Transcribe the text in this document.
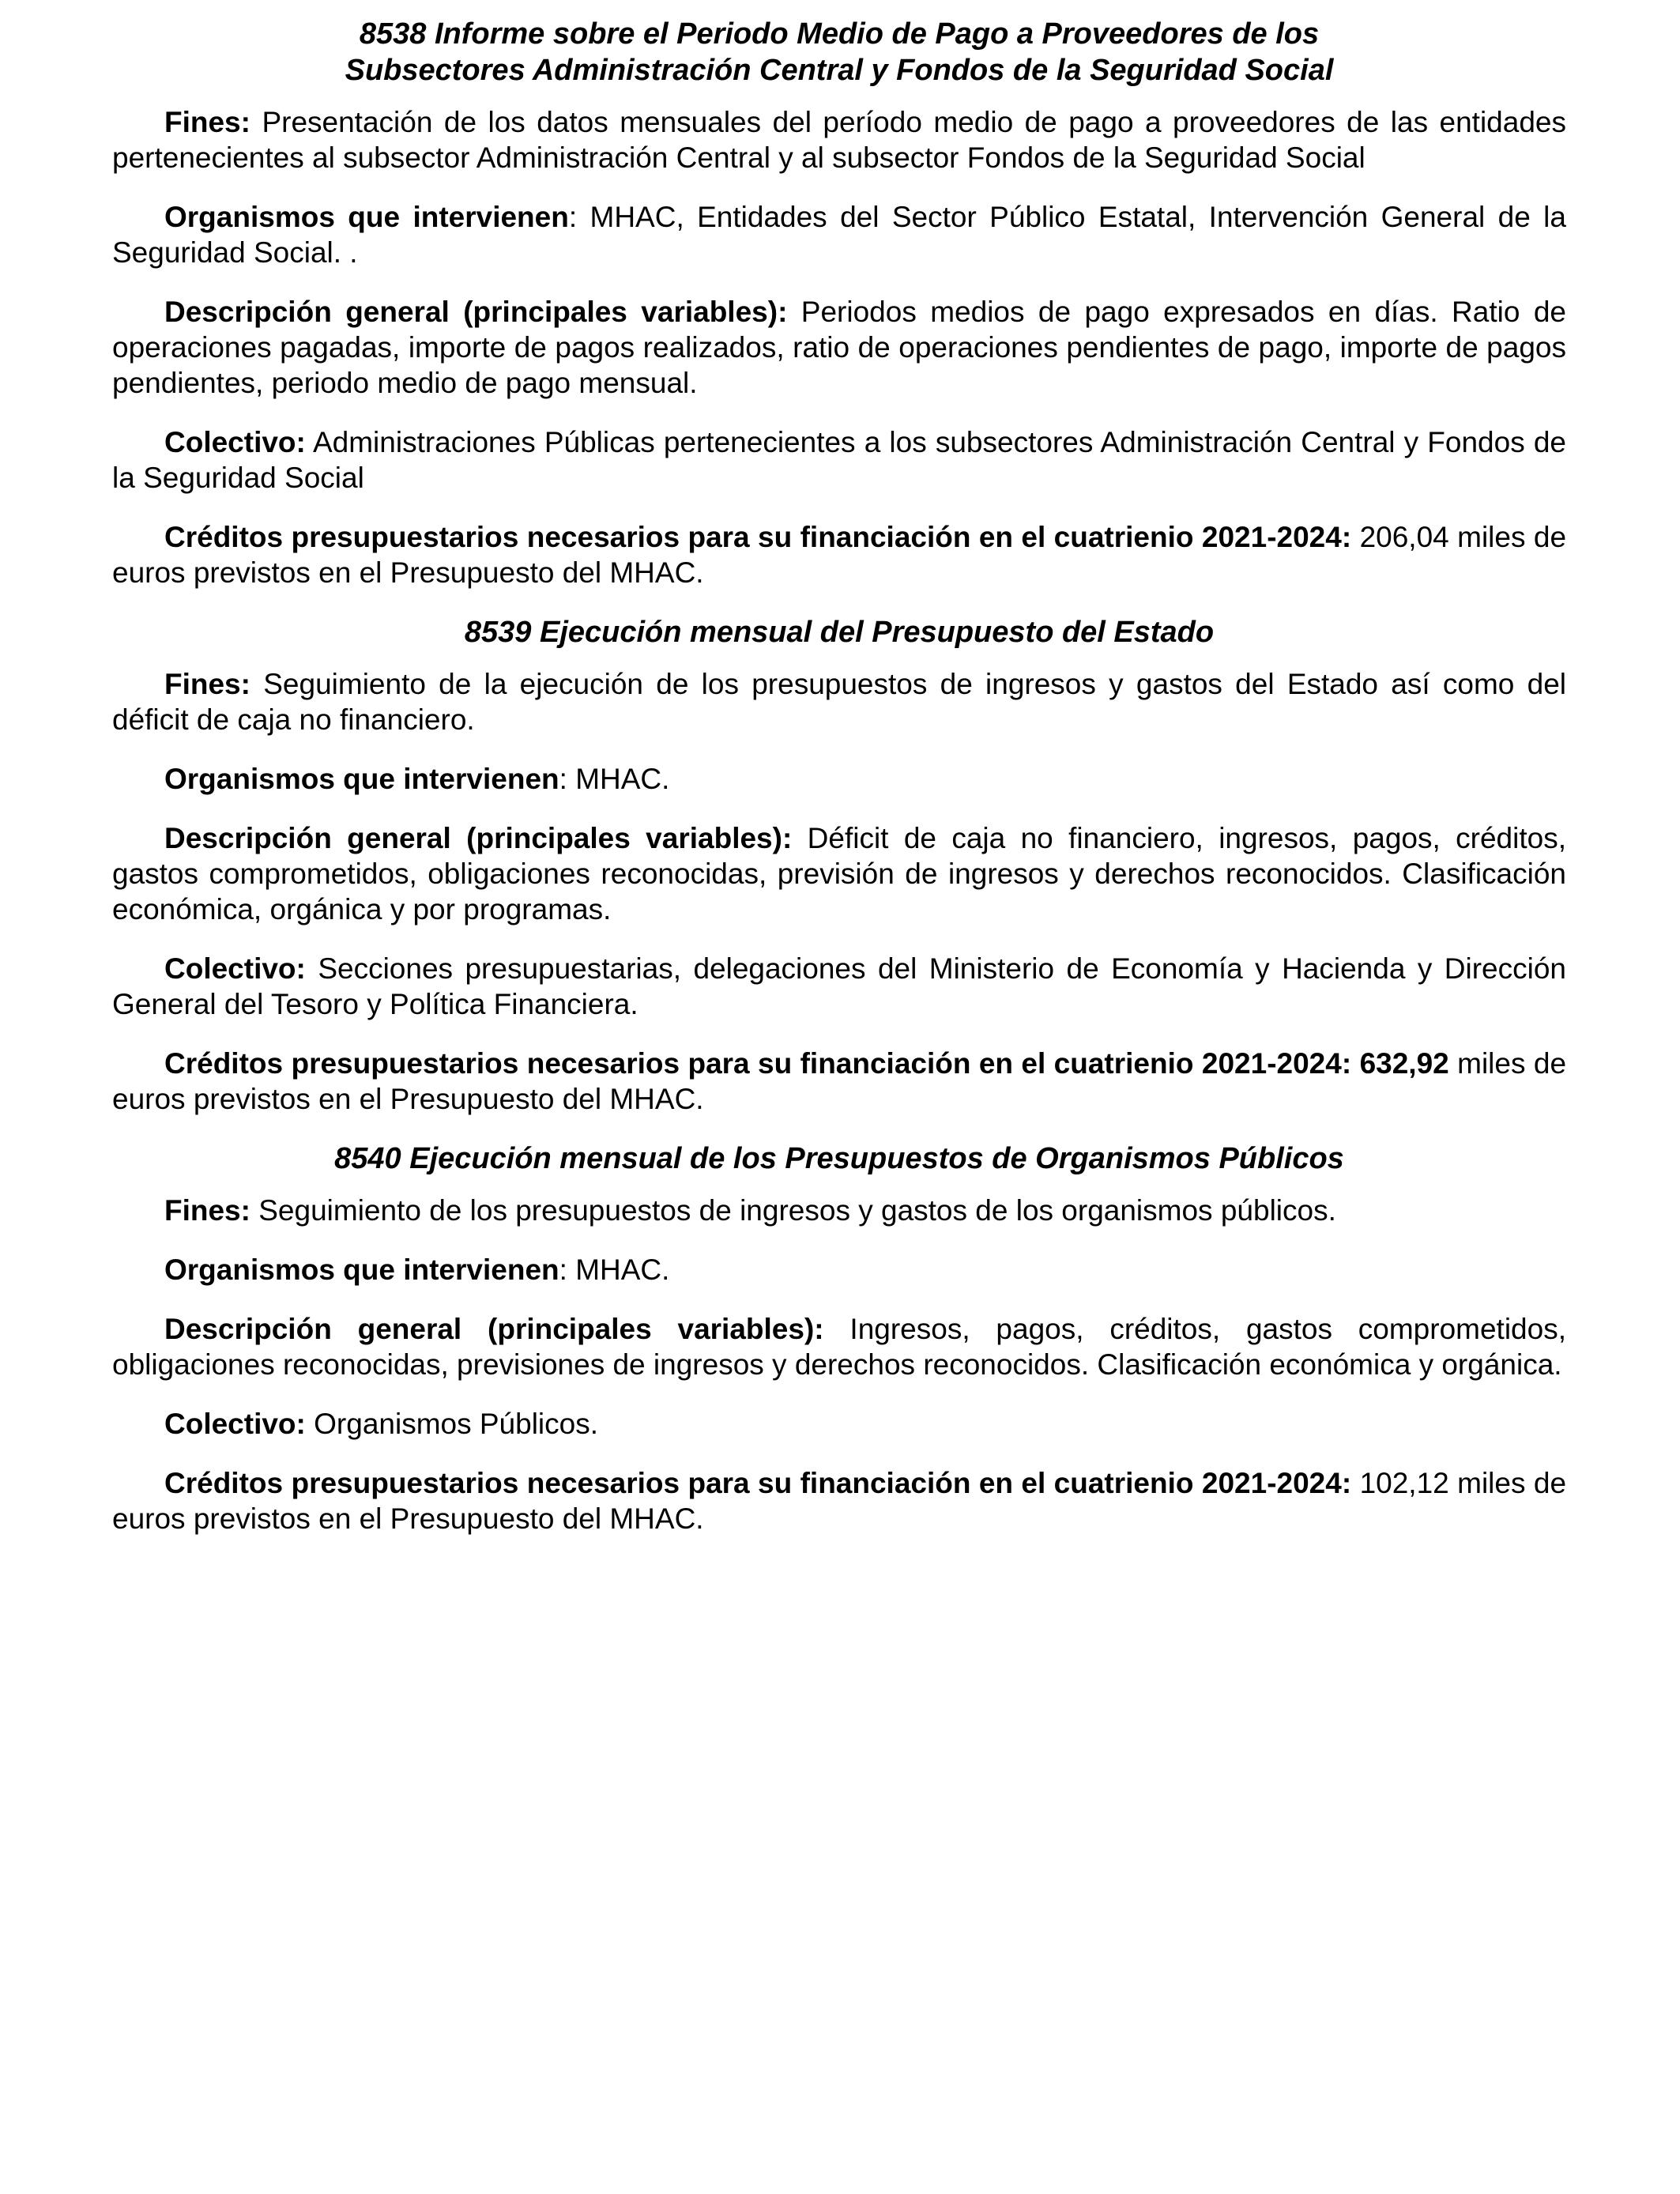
8538 Informe sobre el Periodo Medio de Pago a Proveedores de los
Subsectores Administración Central y Fondos de la Seguridad Social

Fines: Presentación de los datos mensuales del período medio de pago a proveedores de las entidades pertenecientes al subsector Administración Central y al subsector Fondos de la Seguridad Social

Organismos que intervienen: MHAC, Entidades del Sector Público Estatal, Intervención General de la Seguridad Social. .

Descripción general (principales variables): Periodos medios de pago expresados en días. Ratio de operaciones pagadas, importe de pagos realizados, ratio de operaciones pendientes de pago, importe de pagos pendientes, periodo medio de pago mensual.

Colectivo: Administraciones Públicas pertenecientes a los subsectores Administración Central y Fondos de la Seguridad Social

Créditos presupuestarios necesarios para su financiación en el cuatrienio 2021-2024: 206,04 miles de euros previstos en el Presupuesto del MHAC.

8539 Ejecución mensual del Presupuesto del Estado

Fines: Seguimiento de la ejecución de los presupuestos de ingresos y gastos del Estado así como del déficit de caja no financiero.

Organismos que intervienen: MHAC.

Descripción general (principales variables): Déficit de caja no financiero, ingresos, pagos, créditos, gastos comprometidos, obligaciones reconocidas, previsión de ingresos y derechos reconocidos. Clasificación económica, orgánica y por programas.

Colectivo: Secciones presupuestarias, delegaciones del Ministerio de Economía y Hacienda y Dirección General del Tesoro y Política Financiera.

Créditos presupuestarios necesarios para su financiación en el cuatrienio 2021-2024: 632,92 miles de euros previstos en el Presupuesto del MHAC.

8540 Ejecución mensual de los Presupuestos de Organismos Públicos

Fines: Seguimiento de los presupuestos de ingresos y gastos de los organismos públicos.

Organismos que intervienen: MHAC.

Descripción general (principales variables): Ingresos, pagos, créditos, gastos comprometidos, obligaciones reconocidas, previsiones de ingresos y derechos reconocidos. Clasificación económica y orgánica.

Colectivo: Organismos Públicos.

Créditos presupuestarios necesarios para su financiación en el cuatrienio 2021-2024: 102,12 miles de euros previstos en el Presupuesto del MHAC.
